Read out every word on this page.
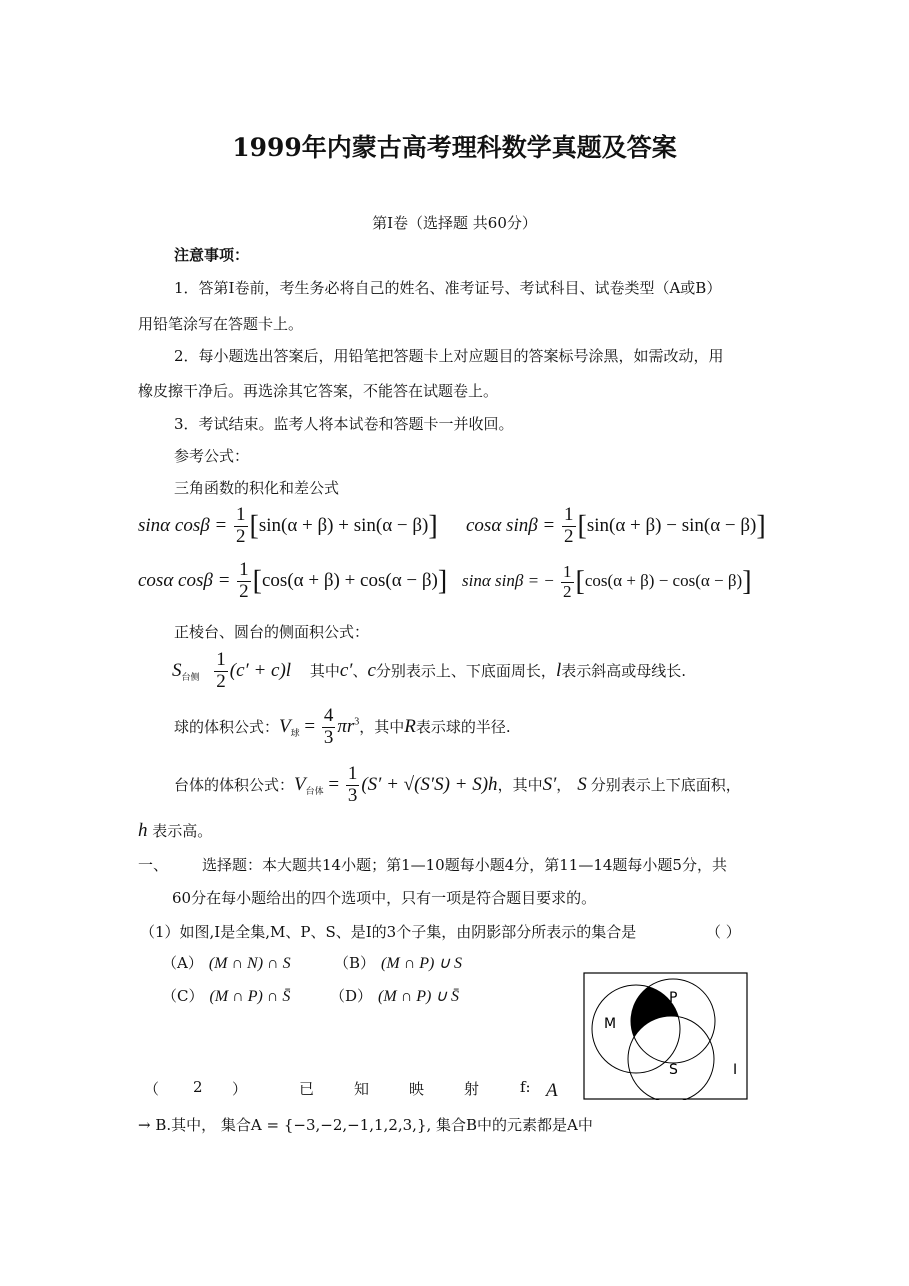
1999年内蒙古高考理科数学真题及答案
第Ⅰ卷（选择题 共60分）
注意事项：
1．答第Ⅰ卷前，考生务必将自己的姓名、准考证号、考试科目、试卷类型（A或B）
用铅笔涂写在答题卡上。
2．每小题选出答案后，用铅笔把答题卡上对应题目的答案标号涂黑，如需改动，用
橡皮擦干净后。再选涂其它答案，不能答在试题卷上。
3．考试结束。监考人将本试卷和答题卡一并收回。
参考公式：
三角函数的积化和差公式
sinα $\cos\beta = \frac{1}{2} [\sin(\alpha + \beta) + \sin(\alpha - \beta)]$ cosα $\sin\beta = \frac{1}{2} [\sin(\alpha + \beta) - \sin(\alpha - \beta)]$
cosα $\cos\beta = \frac{1}{2} [\cos(\alpha + \beta) + \cos(\alpha - \beta)]$ sinα sinβ = − $\frac{1}{2} [\cos(\alpha + \beta) - \cos(\alpha - \beta)]$
正棱台、圆台的侧面积公式：
$S_{台侧} \frac{1}{2} (c' + c)l$ 其中c′、c分别表示上、下底面周长，l表示斜高或母线长.
球的体积公式：$V_球 = \frac{4}{3} \pi r^3$，其中R表示球的半径.
台体的体积公式：$V_{台体} = \frac{1}{3} (S' + √(S'S) + S)h$，其中S′， S 分别表示上下底面积，
h 表示高。
一、 选择题：本大题共14小题；第1—10题每小题4分，第11—14题每小题5分，共
60分在每小题给出的四个选项中，只有一项是符合题目要求的。
（1）如图,Ⅰ是全集,M、P、S、是Ⅰ的3个子集，由阴影部分所表示的集合是	（ ）
（A） (M ∩ N) ∩ S	（B） (M ∩ P) ∪ S
（C） (M ∩ P) ∩ S̄	（D） (M ∩ P) ∪ S̄
M
P
S	I
（ 2 ）	已	知	映	射	f: A
→ B.其中， 集合A = {−3,−2,−1,1,2,3,}, 集合B中的元素都是A中
